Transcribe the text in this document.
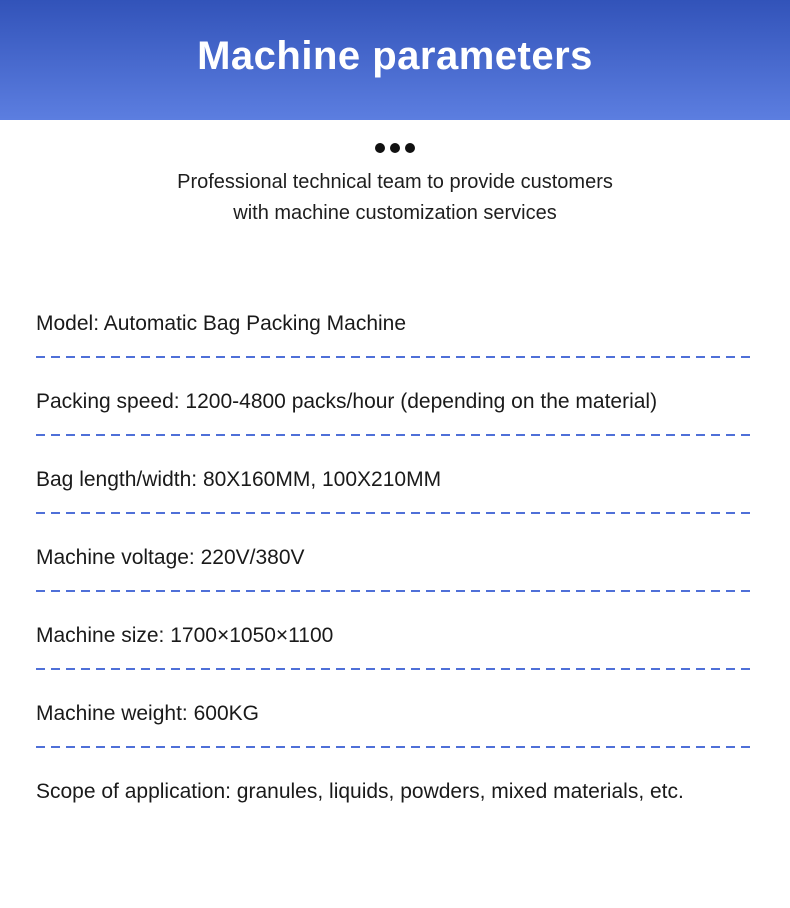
Machine parameters

Professional technical team to provide customers
with machine customization services

Model: Automatic Bag Packing Machine
Packing speed: 1200-4800 packs/hour (depending on the material)
Bag length/width: 80X160MM, 100X210MM
Machine voltage: 220V/380V
Machine size: 1700×1050×1100
Machine weight: 600KG
Scope of application: granules, liquids, powders, mixed materials, etc.
